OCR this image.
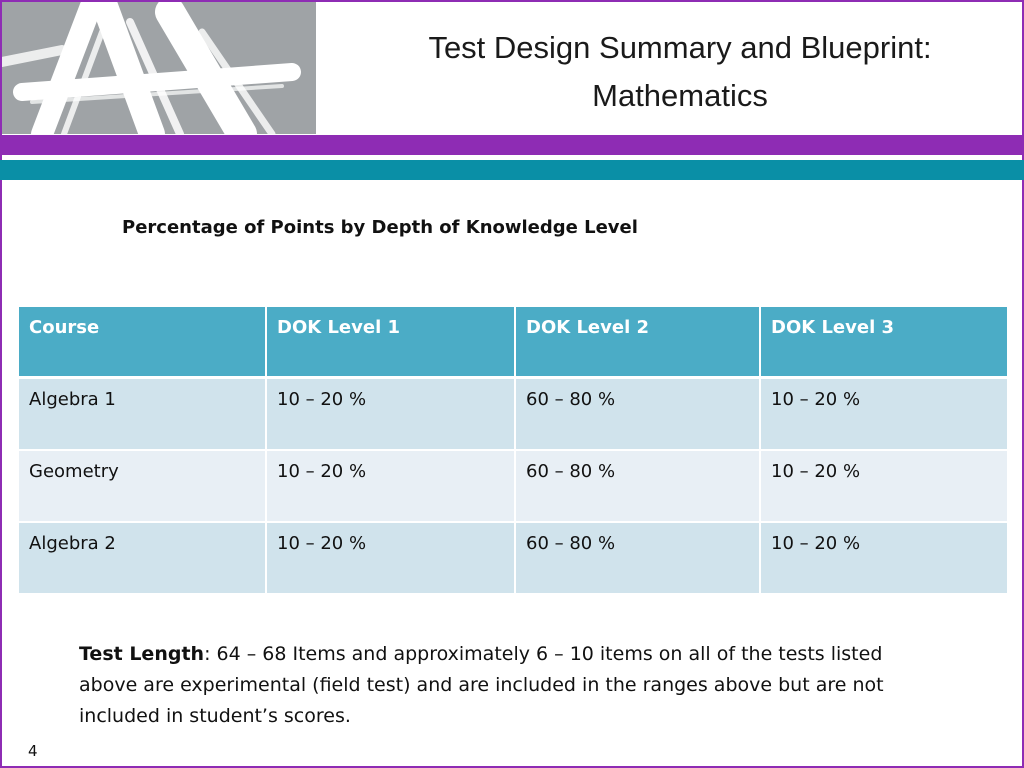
Test Design Summary and Blueprint:
Mathematics
Percentage of Points by Depth of Knowledge Level
Course	DOK Level 1	DOK Level 2	DOK Level 3
Algebra 1	10 – 20 %	60 – 80 %	10 – 20 %
Geometry	10 – 20 %	60 – 80 %	10 – 20 %
Algebra 2	10 – 20 %	60 – 80 %	10 – 20 %
Test Length: 64 – 68 Items and approximately 6 – 10 items on all of the tests listed above are experimental (field test) and are included in the ranges above but are not included in student’s scores.
4
